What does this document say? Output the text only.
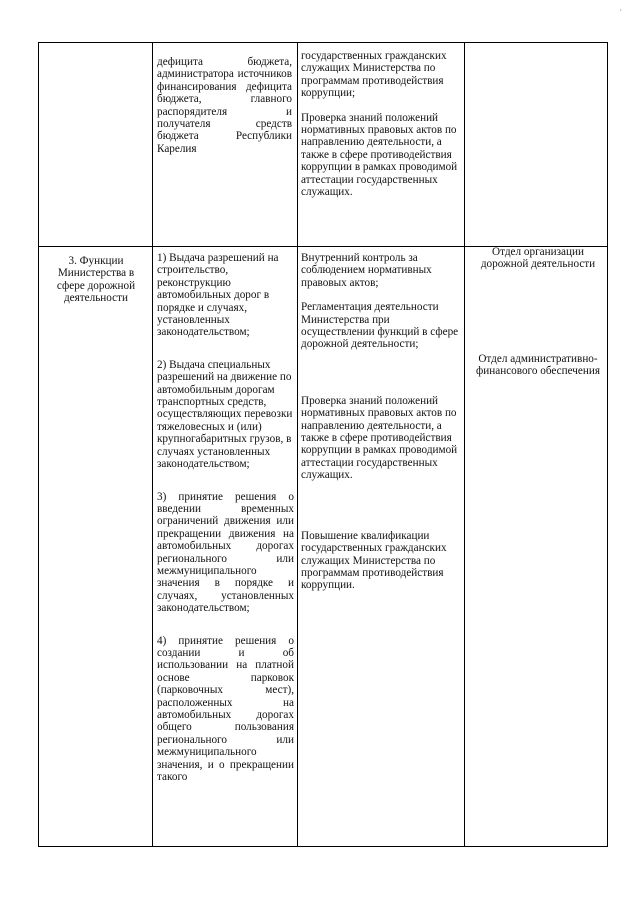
·

дефицита бюджета, администратора источников финансирования дефицита бюджета, главного распорядителя и получателя средств бюджета Республики Карелия

государственных гражданских служащих Министерства по программам противодействия коррупции;

Проверка знаний положений нормативных правовых актов по направлению деятельности, а также в сфере противодействия коррупции в рамках проводимой аттестации государственных служащих.

3. Функции Министерства в сфере дорожной деятельности

1) Выдача разрешений на строительство, реконструкцию автомобильных дорог в порядке и случаях, установленных законодательством;

2) Выдача специальных разрешений на движение по автомобильным дорогам транспортных средств, осуществляющих перевозки тяжеловесных и (или) крупногабаритных грузов, в случаях установленных законодательством;

3) принятие решения о введении временных ограничений движения или прекращении движения на автомобильных дорогах регионального или межмуниципального значения в порядке и случаях, установленных законодательством;

4) принятие решения о создании и об использовании на платной основе парковок (парковочных мест), расположенных на автомобильных дорогах общего пользования регионального или межмуниципального значения, и о прекращении такого

Внутренний контроль за соблюдением нормативных правовых актов;

Регламентация деятельности Министерства при осуществлении функций в сфере дорожной деятельности;

Проверка знаний положений нормативных правовых актов по направлению деятельности, а также в сфере противодействия коррупции в рамках проводимой аттестации государственных служащих.

Повышение квалификации государственных гражданских служащих Министерства по программам противодействия коррупции.

Отдел организации дорожной деятельности

Отдел административно-финансового обеспечения
